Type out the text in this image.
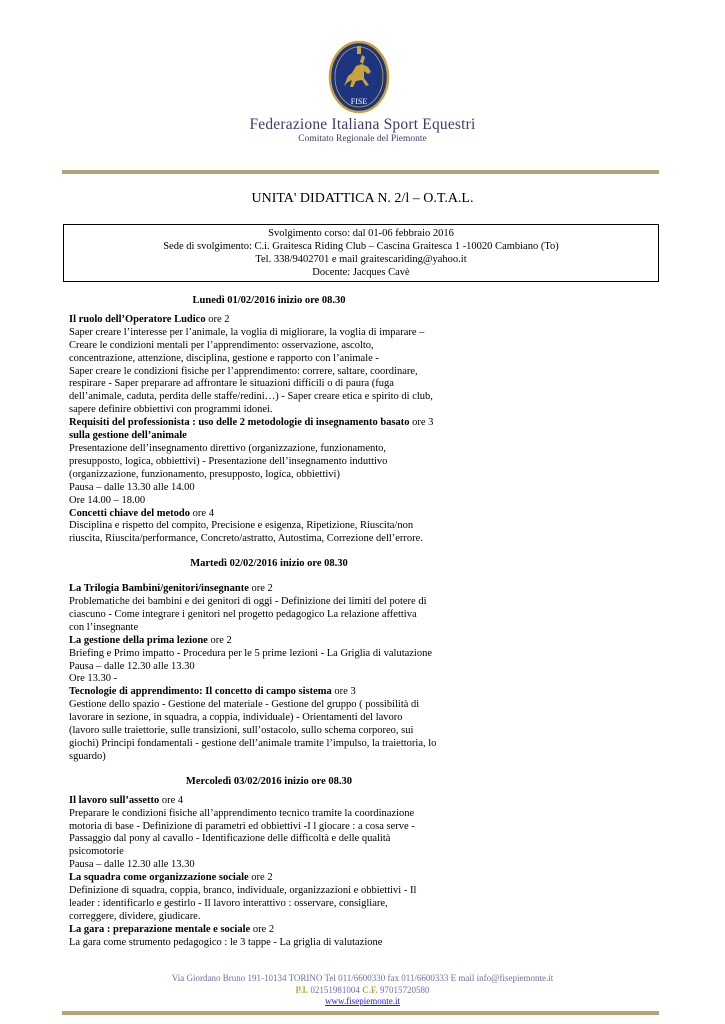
FISE
Federazione Italiana Sport Equestri
Comitato Regionale del Piemonte
UNITA' DIDATTICA N. 2/l – O.T.A.L.
Svolgimento corso: dal 01-06 febbraio 2016
Sede di svolgimento: C.i. Graitesca Riding Club – Cascina Graitesca 1 -10020 Cambiano (To)
Tel. 338/9402701 e mail graitescariding@yahoo.it
Docente: Jacques Cavè

Lunedì 01/02/2016 inizio ore 08.30

Il ruolo dell’Operatore Ludico ore 2

Saper creare l’interesse per l’animale, la voglia di migliorare, la voglia di imparare –

Creare le condizioni mentali per l’apprendimento: osservazione, ascolto,

concentrazione, attenzione, disciplina, gestione e rapporto con l’animale -

Saper creare le condizioni fisiche per l’apprendimento: correre, saltare, coordinare,

respirare - Saper preparare ad affrontare le situazioni difficili o di paura (fuga

dell’animale, caduta, perdita delle staffe/redini…) - Saper creare etica e spirito di club,

sapere definire obbiettivi con programmi idonei.

Requisiti del professionista : uso delle 2 metodologie di insegnamento basato ore 3

sulla gestione dell’animale

Presentazione dell’insegnamento direttivo (organizzazione, funzionamento,

presupposto, logica, obbiettivi) - Presentazione dell’insegnamento induttivo

(organizzazione, funzionamento, presupposto, logica, obbiettivi)

Pausa – dalle 13.30 alle 14.00

Ore 14.00 – 18.00

Concetti chiave del metodo ore 4

Disciplina e rispetto del compito, Precisione e esigenza, Ripetizione, Riuscita/non

riuscita, Riuscita/performance, Concreto/astratto, Autostima, Correzione dell’errore.

Martedì 02/02/2016 inizio ore 08.30

La Trilogia Bambini/genitori/insegnante ore 2

Problematiche dei bambini e dei genitori di oggi - Definizione dei limiti del potere di

ciascuno - Come integrare i genitori nel progetto pedagogico La relazione affettiva

con l’insegnante

La gestione della prima lezione ore 2

Briefing e Primo impatto - Procedura per le 5 prime lezioni - La Griglia di valutazione

Pausa – dalle 12.30 alle 13.30

Ore 13.30 -

Tecnologie di apprendimento: Il concetto di campo sistema ore 3

Gestione dello spazio - Gestione del materiale - Gestione del gruppo ( possibilità di

lavorare in sezione, in squadra, a coppia, individuale) - Orientamenti del lavoro

(lavoro sulle traiettorie, sulle transizioni, sull’ostacolo, sullo schema corporeo, sui

giochi) Principi fondamentali - gestione dell’animale tramite l’impulso, la traiettoria, lo

sguardo)

Mercoledì 03/02/2016 inizio ore 08.30

Il lavoro sull’assetto ore 4

Preparare le condizioni fisiche all’apprendimento tecnico tramite la coordinazione

motoria di base - Definizione di parametri ed obbiettivi -I l giocare : a cosa serve -

Passaggio dal pony al cavallo - Identificazione delle difficoltà e delle qualità

psicomotorie

Pausa – dalle 12.30 alle 13.30

La squadra come organizzazione sociale ore 2

Definizione di squadra, coppia, branco, individuale, organizzazioni e obbiettivi - Il

leader : identificarlo e gestirlo - Il lavoro interattivo : osservare, consigliare,

correggere, dividere, giudicare.

La gara : preparazione mentale e sociale ore 2

La gara come strumento pedagogico : le 3 tappe - La griglia di valutazione

Via Giordano Bruno 191-10134 TORINO Tel 011/6600330 fax 011/6600333 E mail info@fisepiemonte.it
P.I. 02151981004 C.F. 97015720580
www.fisepiemonte.it
